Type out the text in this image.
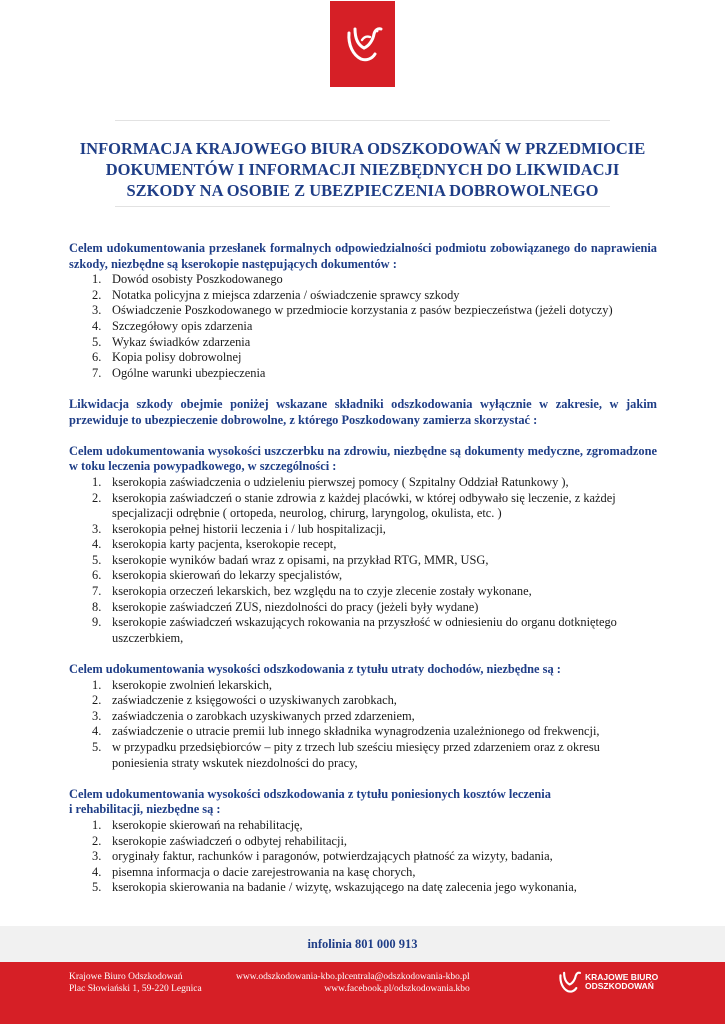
INFORMACJA KRAJOWEGO BIURA ODSZKODOWAŃ W PRZEDMIOCIE
DOKUMENTÓW I INFORMACJI NIEZBĘDNYCH DO LIKWIDACJI
SZKODY NA OSOBIE Z UBEZPIECZENIA DOBROWOLNEGO

Celem udokumentowania przesłanek formalnych odpowiedzialności podmiotu zobowiązanego do naprawienia szkody, niezbędne są kserokopie następujących dokumentów :

1. Dowód osobisty Poszkodowanego
2. Notatka policyjna z miejsca zdarzenia / oświadczenie sprawcy szkody
3. Oświadczenie Poszkodowanego w przedmiocie korzystania z pasów bezpieczeństwa (jeżeli dotyczy)
4. Szczegółowy opis zdarzenia
5. Wykaz świadków zdarzenia
6. Kopia polisy dobrowolnej
7. Ogólne warunki ubezpieczenia

Likwidacja szkody obejmie poniżej wskazane składniki odszkodowania wyłącznie w zakresie, w jakim przewiduje to ubezpieczenie dobrowolne, z którego Poszkodowany zamierza skorzystać :

Celem udokumentowania wysokości uszczerbku na zdrowiu, niezbędne są dokumenty medyczne, zgromadzone w toku leczenia powypadkowego, w szczególności :

1. kserokopia zaświadczenia o udzieleniu pierwszej pomocy ( Szpitalny Oddział Ratunkowy ),
2. kserokopia zaświadczeń o stanie zdrowia z każdej placówki, w której odbywało się leczenie, z każdej specjalizacji odrębnie ( ortopeda, neurolog, chirurg, laryngolog, okulista, etc. )
3. kserokopia pełnej historii leczenia i / lub hospitalizacji,
4. kserokopia karty pacjenta, kserokopie recept,
5. kserokopie wyników badań wraz z opisami, na przykład RTG, MMR, USG,
6. kserokopia skierowań do lekarzy specjalistów,
7. kserokopia orzeczeń lekarskich, bez względu na to czyje zlecenie zostały wykonane,
8. kserokopie zaświadczeń ZUS, niezdolności do pracy (jeżeli były wydane)
9. kserokopie zaświadczeń wskazujących rokowania na przyszłość w odniesieniu do organu dotkniętego uszczerbkiem,

Celem udokumentowania wysokości odszkodowania z tytułu utraty dochodów, niezbędne są :

1. kserokopie zwolnień lekarskich,
2. zaświadczenie z księgowości o uzyskiwanych zarobkach,
3. zaświadczenia o zarobkach uzyskiwanych przed zdarzeniem,
4. zaświadczenie o utracie premii lub innego składnika wynagrodzenia uzależnionego od frekwencji,
5. w przypadku przedsiębiorców – pity z trzech lub sześciu miesięcy przed zdarzeniem oraz z okresu poniesienia straty wskutek niezdolności do pracy,

Celem udokumentowania wysokości odszkodowania z tytułu poniesionych kosztów leczenia
i rehabilitacji, niezbędne są :

1. kserokopie skierowań na rehabilitację,
2. kserokopie zaświadczeń o odbytej rehabilitacji,
3. oryginały faktur, rachunków i paragonów, potwierdzających płatność za wizyty, badania,
4. pisemna informacja o dacie zarejestrowania na kasę chorych,
5. kserokopia skierowania na badanie / wizytę, wskazującego na datę zalecenia jego wykonania,
infolinia 801 000 913
Krajowe Biuro Odszkodowań
Plac Słowiański 1, 59-220 Legnica
www.odszkodowania-kbo.plcentrala@odszkodowania-kbo.pl
www.facebook.pl/odszkodowania.kbo
KRAJOWE BIURO
ODSZKODOWAŃ
